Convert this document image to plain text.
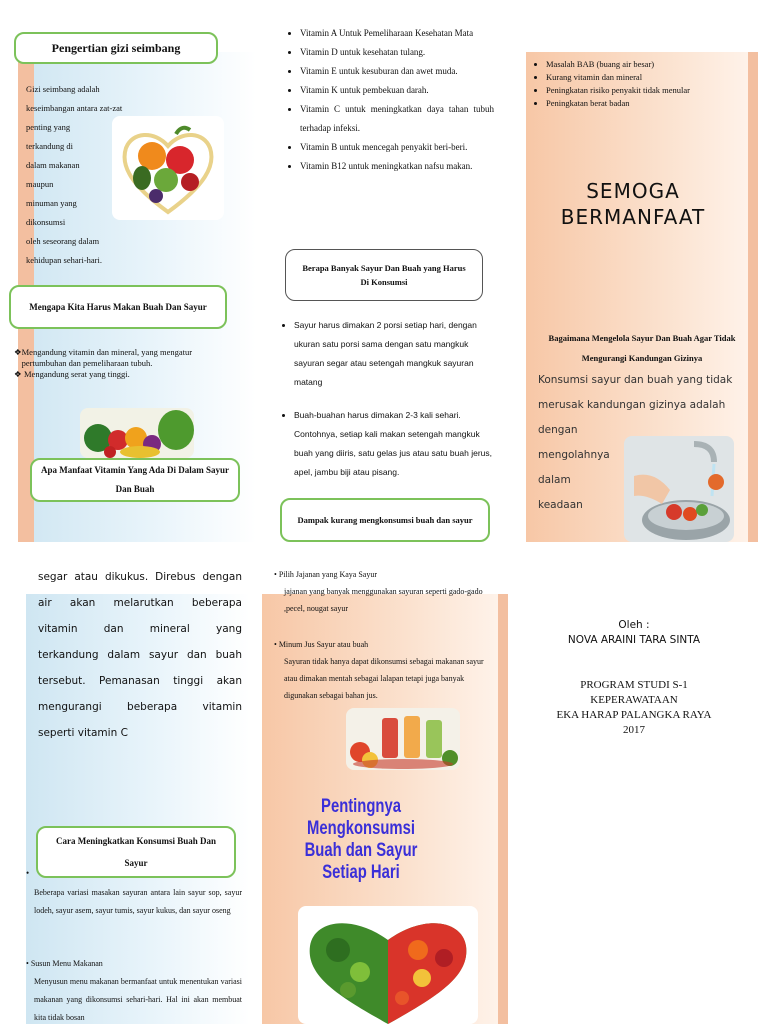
Pengertian gizi seimbang
Gizi seimbang adalah
keseimbangan antara zat-zat
penting yang
terkandung di
dalam makanan
maupun
minuman yang
dikonsumsi
oleh seseorang dalam
kehidupan sehari-hari.
Mengapa Kita Harus Makan Buah Dan Sayur
❖ Mengandung vitamin dan mineral, yang mengatur pertumbuhan dan pemeliharaan tubuh.
❖ Mengandung serat yang tinggi.
Apa Manfaat Vitamin Yang Ada Di Dalam Sayur Dan Buah
• Vitamin A Untuk Pemeliharaan Kesehatan Mata
• Vitamin D untuk kesehatan tulang.
• Vitamin E untuk kesuburan dan awet muda.
• Vitamin K untuk pembekuan darah.
• Vitamin C untuk meningkatkan daya tahan tubuh terhadap infeksi.
• Vitamin B untuk mencegah penyakit beri-beri.
• Vitamin B12 untuk meningkatkan nafsu makan.
Berapa Banyak Sayur Dan Buah yang Harus Di Konsumsi
• Sayur harus dimakan 2 porsi setiap hari, dengan ukuran satu porsi sama dengan satu mangkuk sayuran segar atau setengah mangkuk sayuran matang
• Buah-buahan harus dimakan 2-3 kali sehari. Contohnya, setiap kali makan setengah mangkuk buah yang diiris, satu gelas jus atau satu buah jerus, apel, jambu biji atau pisang.
Dampak kurang mengkonsumsi buah dan sayur
• Masalah BAB (buang air besar)
• Kurang vitamin dan mineral
• Peningkatan risiko penyakit tidak menular
• Peningkatan berat badan
SEMOGA BERMANFAAT
Bagaimana Mengelola Sayur Dan Buah Agar Tidak Mengurangi Kandungan Gizinya
Konsumsi sayur dan buah yang tidak
merusak kandungan gizinya adalah
dengan
mengolahnya
dalam
keadaan
segar atau dikukus. Direbus dengan
air akan melarutkan beberapa
vitamin dan mineral yang
terkandung dalam sayur dan buah
tersebut. Pemanasan tinggi akan
mengurangi beberapa vitamin
seperti vitamin C
Cara Meningkatkan Konsumsi Buah Dan Sayur
•
Beberapa variasi masakan sayuran antara lain sayur sop, sayur lodeh, sayur asem, sayur tumis, sayur kukus, dan sayur oseng
• Susun Menu Makanan
Menyusun menu makanan bermanfaat untuk menentukan variasi makanan yang dikonsumsi sehari-hari. Hal ini akan membuat kita tidak bosan
• Pilih Jajanan yang Kaya Sayur
jajanan yang banyak menggunakan sayuran seperti gado-gado ,pecel, nougat sayur
• Minum Jus Sayur atau buah
Sayuran tidak hanya dapat dikonsumsi sebagai makanan sayur atau dimakan mentah sebagai lalapan tetapi juga banyak digunakan sebagai bahan jus.
Pentingnya Mengkonsumsi
Buah dan Sayur
Setiap Hari
Oleh :
NOVA ARAINI TARA SINTA
PROGRAM STUDI S-1
KEPERAWATAAN
EKA HARAP PALANGKA RAYA
2017
